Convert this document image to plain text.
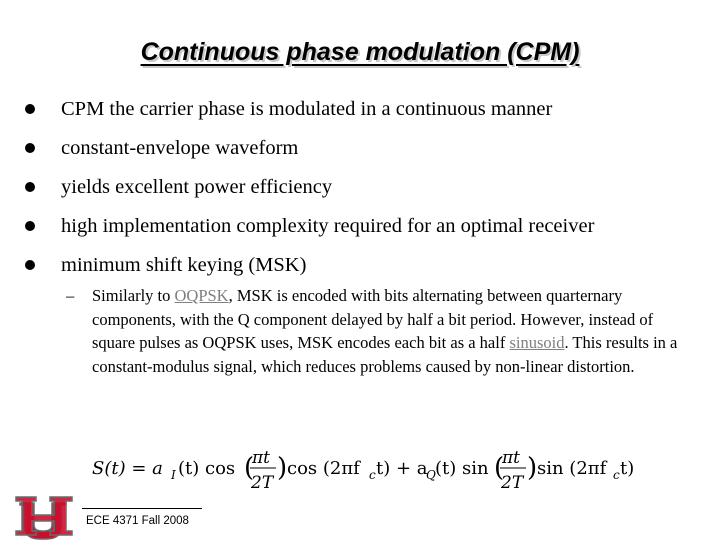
Continuous phase modulation (CPM)
CPM the carrier phase is modulated in a continuous manner
constant-envelope waveform
yields excellent power efficiency
high implementation complexity required for an optimal receiver
minimum shift keying (MSK)
– Similarly to OQPSK, MSK is encoded with bits alternating between quarternary components, with the Q component delayed by half a bit period. However, instead of square pulses as OQPSK uses, MSK encodes each bit as a half sinusoid. This results in a constant-modulus signal, which reduces problems caused by non-linear distortion.
S(t) = a I (t) cos (
πt
2T ) cos (2πf c t) + a
Q (t) sin (
πt
2T ) sin (2πf c t)
ECE 4371 Fall 2008
